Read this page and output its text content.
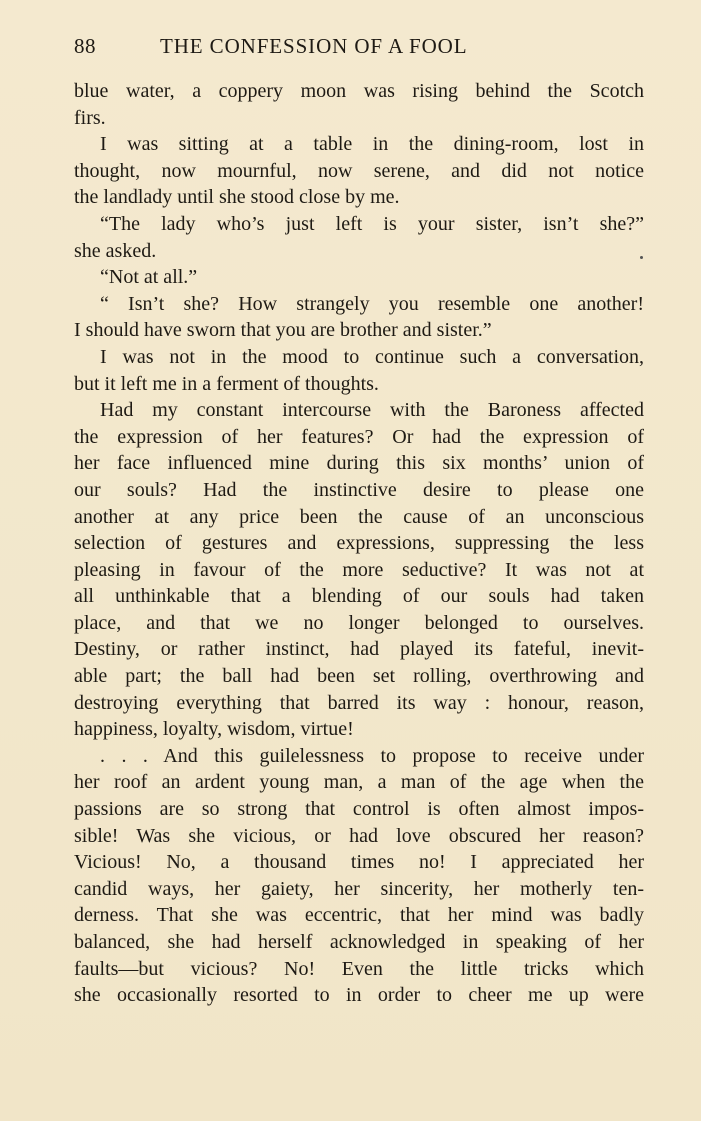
88	THE CONFESSION OF A FOOL
blue water, a coppery moon was rising behind the Scotch
firs.
I was sitting at a table in the dining-room, lost in
thought, now mournful, now serene, and did not notice
the landlady until she stood close by me.
“The lady who’s just left is your sister, isn’t she?”
she asked.
“Not at all.”
“ Isn’t she? How strangely you resemble one another!
I should have sworn that you are brother and sister.”
I was not in the mood to continue such a conversation,
but it left me in a ferment of thoughts.
Had my constant intercourse with the Baroness affected
the expression of her features? Or had the expression of
her face influenced mine during this six months’ union of
our souls? Had the instinctive desire to please one
another at any price been the cause of an unconscious
selection of gestures and expressions, suppressing the less
pleasing in favour of the more seductive? It was not at
all unthinkable that a blending of our souls had taken
place, and that we no longer belonged to ourselves.
Destiny, or rather instinct, had played its fateful, inevit-
able part; the ball had been set rolling, overthrowing and
destroying everything that barred its way : honour, reason,
happiness, loyalty, wisdom, virtue!
. . . And this guilelessness to propose to receive under
her roof an ardent young man, a man of the age when the
passions are so strong that control is often almost impos-
sible! Was she vicious, or had love obscured her reason?
Vicious! No, a thousand times no! I appreciated her
candid ways, her gaiety, her sincerity, her motherly ten-
derness. That she was eccentric, that her mind was badly
balanced, she had herself acknowledged in speaking of her
faults—but vicious? No! Even the little tricks which
she occasionally resorted to in order to cheer me up were
